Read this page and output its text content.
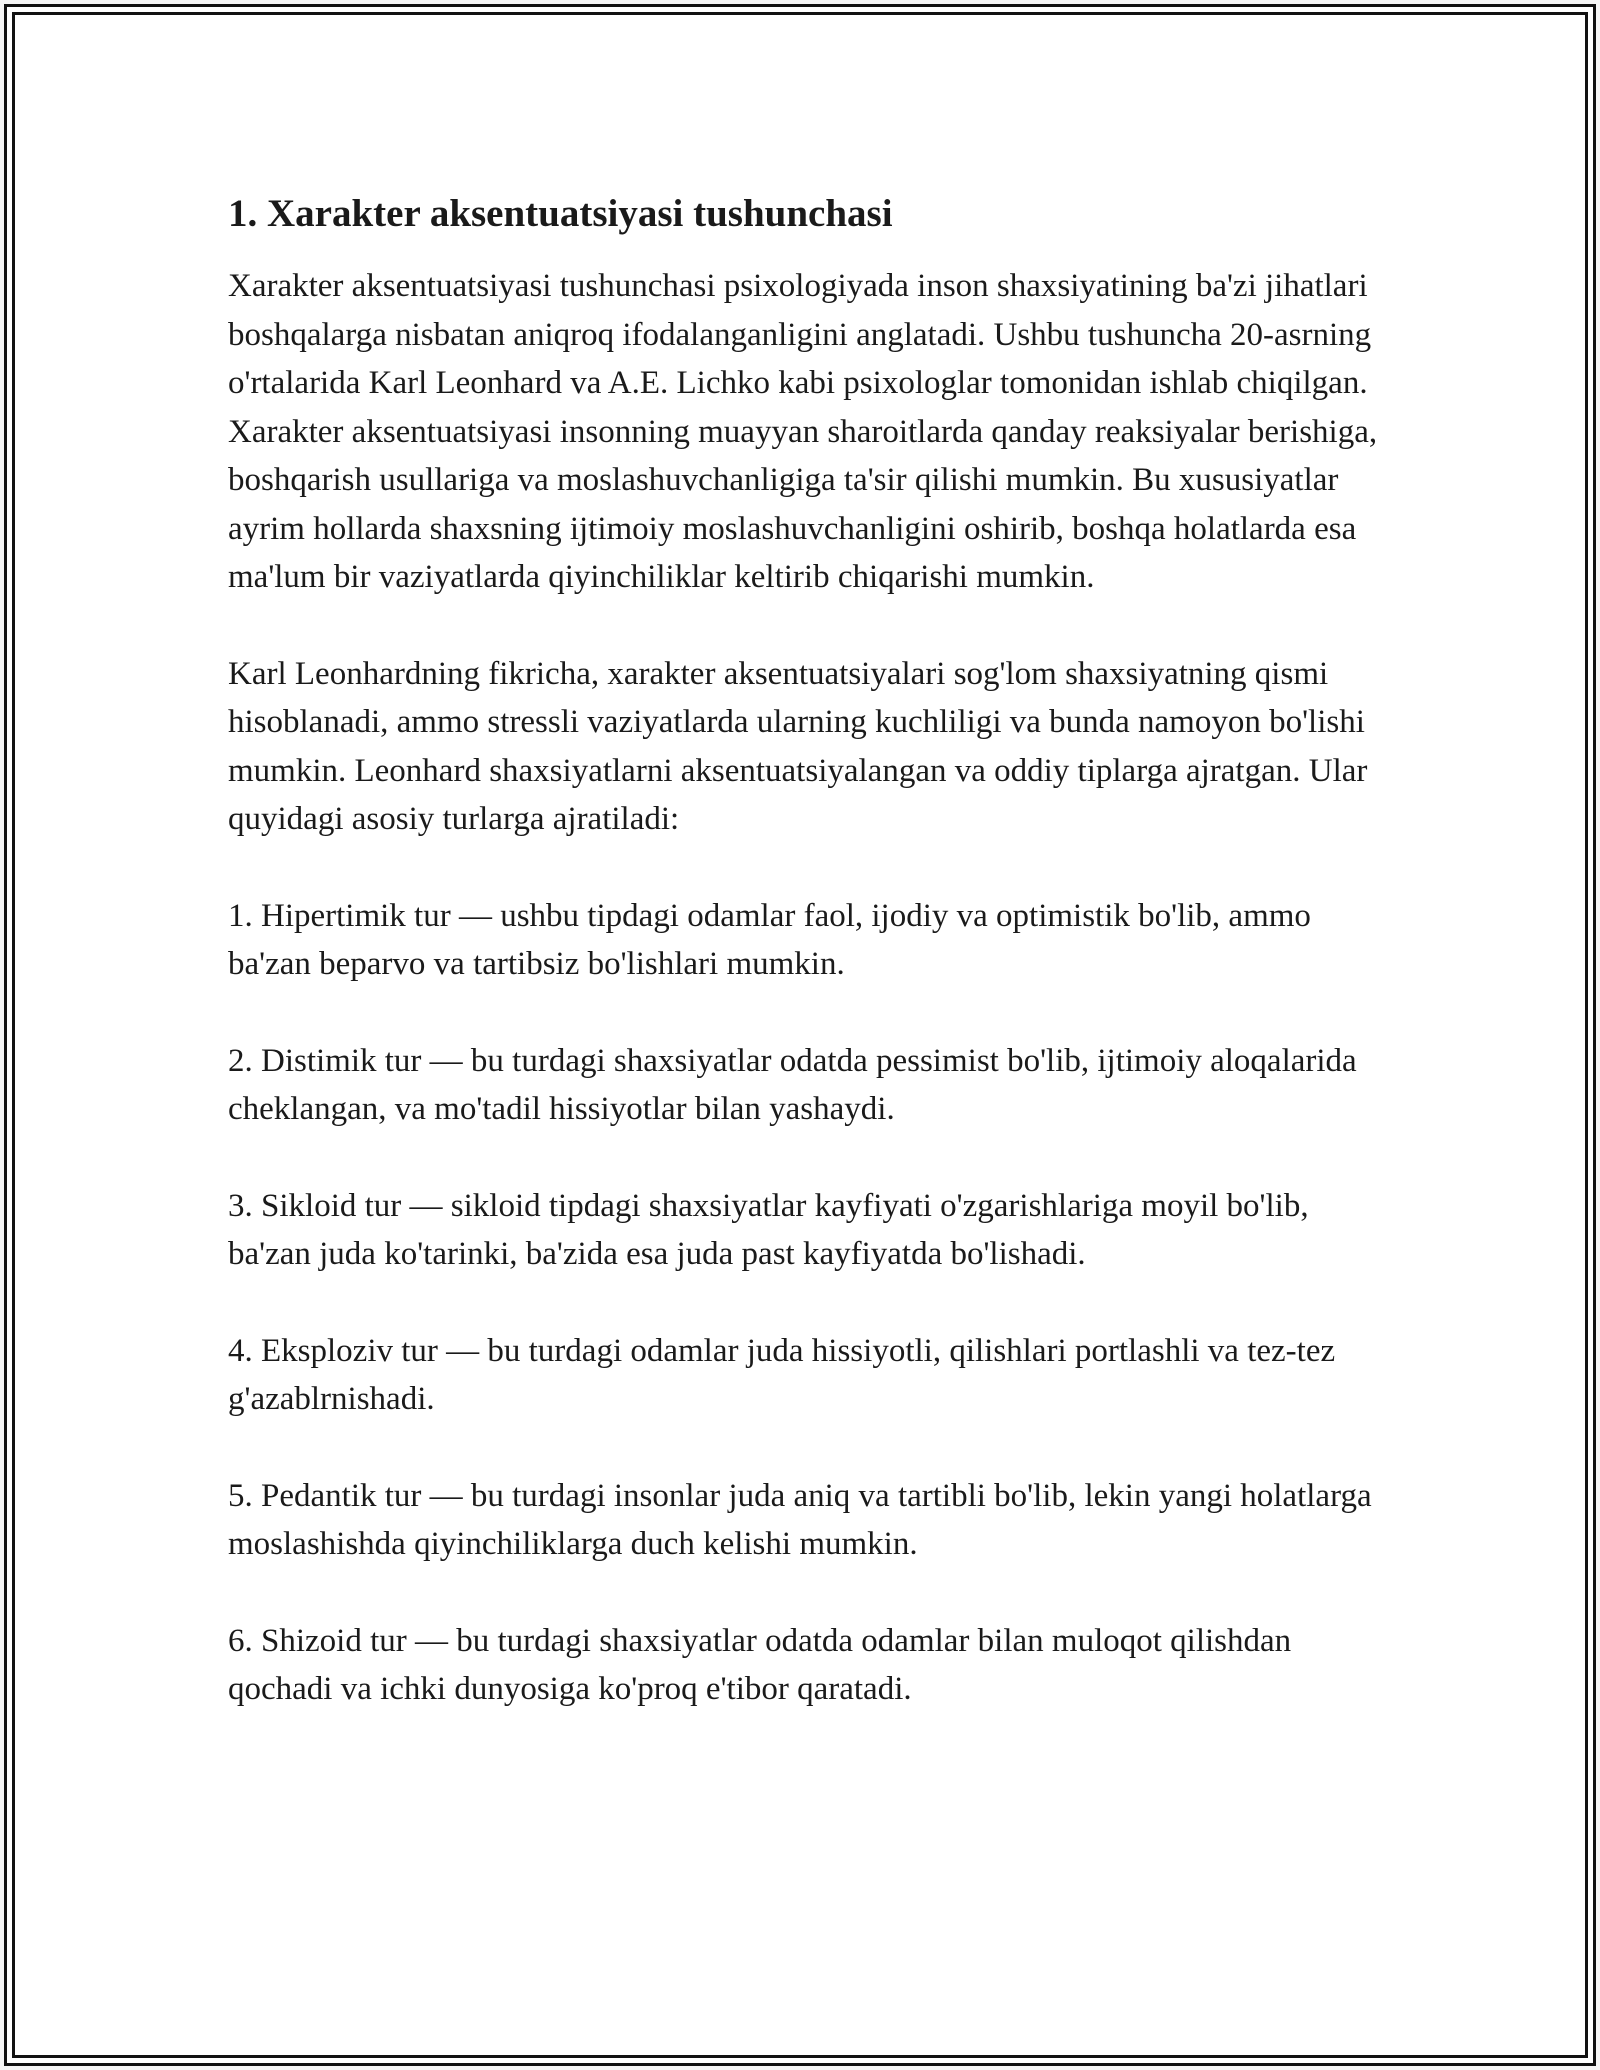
1. Xarakter aksentuatsiyasi tushunchasi

Xarakter aksentuatsiyasi tushunchasi psixologiyada inson shaxsiyatining ba'zi jihatlari boshqalarga nisbatan aniqroq ifodalanganligini anglatadi. Ushbu tushuncha 20-asrning o'rtalarida Karl Leonhard va A.E. Lichko kabi psixologlar tomonidan ishlab chiqilgan. Xarakter aksentuatsiyasi insonning muayyan sharoitlarda qanday reaksiyalar berishiga, boshqarish usullariga va moslashuvchanligiga ta'sir qilishi mumkin. Bu xususiyatlar ayrim hollarda shaxsning ijtimoiy moslashuvchanligini oshirib, boshqa holatlarda esa ma'lum bir vaziyatlarda qiyinchiliklar keltirib chiqarishi mumkin.

Karl Leonhardning fikricha, xarakter aksentuatsiyalari sog'lom shaxsiyatning qismi hisoblanadi, ammo stressli vaziyatlarda ularning kuchliligi va bunda namoyon bo'lishi mumkin. Leonhard shaxsiyatlarni aksentuatsiyalangan va oddiy tiplarga ajratgan. Ular quyidagi asosiy turlarga ajratiladi:

1. Hipertimik tur — ushbu tipdagi odamlar faol, ijodiy va optimistik bo'lib, ammo ba'zan beparvo va tartibsiz bo'lishlari mumkin.

2. Distimik tur — bu turdagi shaxsiyatlar odatda pessimist bo'lib, ijtimoiy aloqalarida cheklangan, va mo'tadil hissiyotlar bilan yashaydi.

3. Sikloid tur — sikloid tipdagi shaxsiyatlar kayfiyati o'zgarishlariga moyil bo'lib, ba'zan juda ko'tarinki, ba'zida esa juda past kayfiyatda bo'lishadi.

4. Eksploziv tur — bu turdagi odamlar juda hissiyotli, qilishlari portlashli va tez-tez g'azablrnishadi.

5. Pedantik tur — bu turdagi insonlar juda aniq va tartibli bo'lib, lekin yangi holatlarga moslashishda qiyinchiliklarga duch kelishi mumkin.

6. Shizoid tur — bu turdagi shaxsiyatlar odatda odamlar bilan muloqot qilishdan qochadi va ichki dunyosiga ko'proq e'tibor qaratadi.
